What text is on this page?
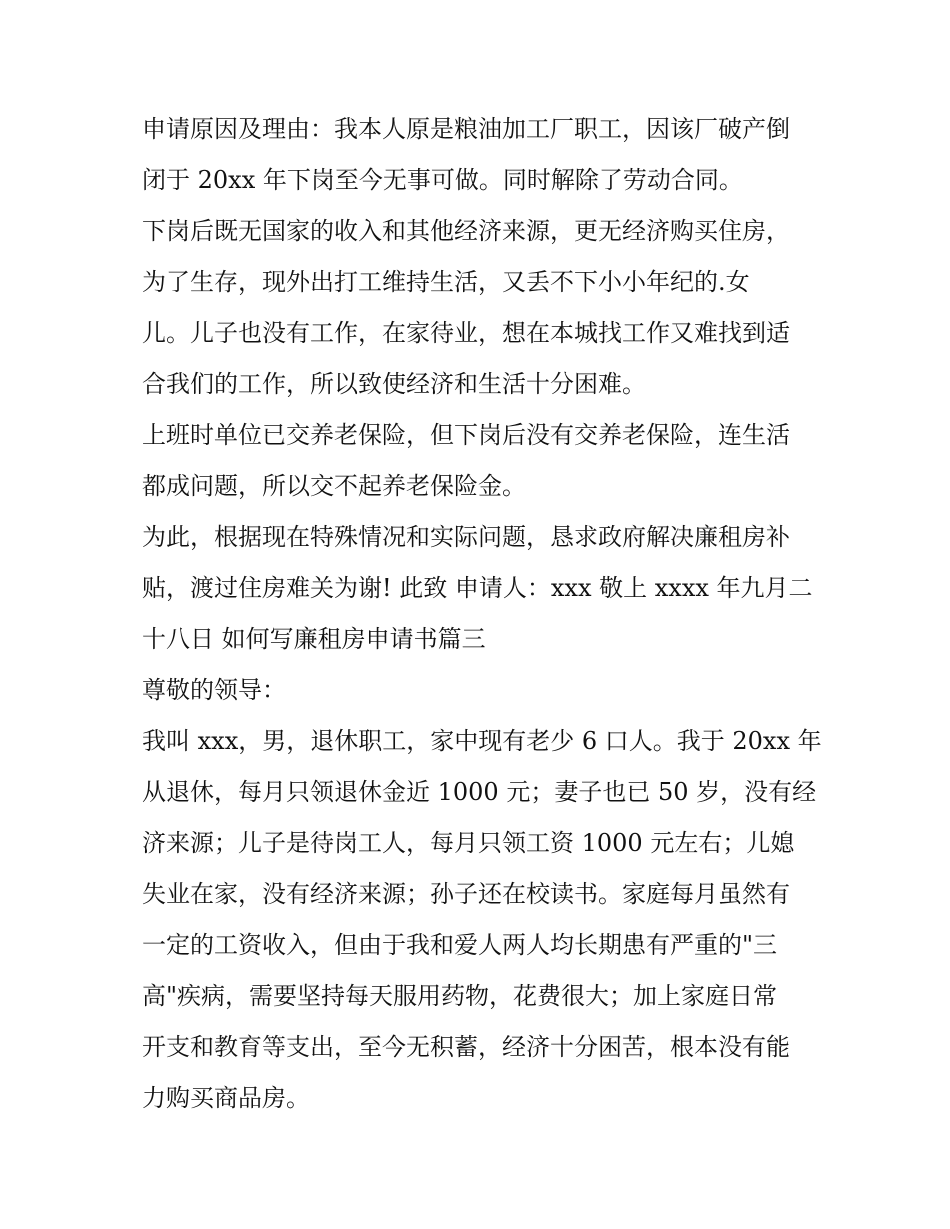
申请原因及理由：我本人原是粮油加工厂职工，因该厂破产倒
闭于 20xx 年下岗至今无事可做。同时解除了劳动合同。
下岗后既无国家的收入和其他经济来源，更无经济购买住房，
为了生存，现外出打工维持生活，又丢不下小小年纪的.女
儿。儿子也没有工作，在家待业，想在本城找工作又难找到适
合我们的工作，所以致使经济和生活十分困难。
上班时单位已交养老保险，但下岗后没有交养老保险，连生活
都成问题，所以交不起养老保险金。
为此，根据现在特殊情况和实际问题，恳求政府解决廉租房补
贴，渡过住房难关为谢! 此致 申请人：xxx 敬上 xxxx 年九月二
十八日 如何写廉租房申请书篇三
尊敬的领导：
我叫 xxx，男，退休职工，家中现有老少 6 口人。我于 20xx 年
从退休，每月只领退休金近 1000 元；妻子也已 50 岁，没有经
济来源；儿子是待岗工人，每月只领工资 1000 元左右；儿媳
失业在家，没有经济来源；孙子还在校读书。家庭每月虽然有
一定的工资收入，但由于我和爱人两人均长期患有严重的"三
高"疾病，需要坚持每天服用药物，花费很大；加上家庭日常
开支和教育等支出，至今无积蓄，经济十分困苦，根本没有能
力购买商品房。
